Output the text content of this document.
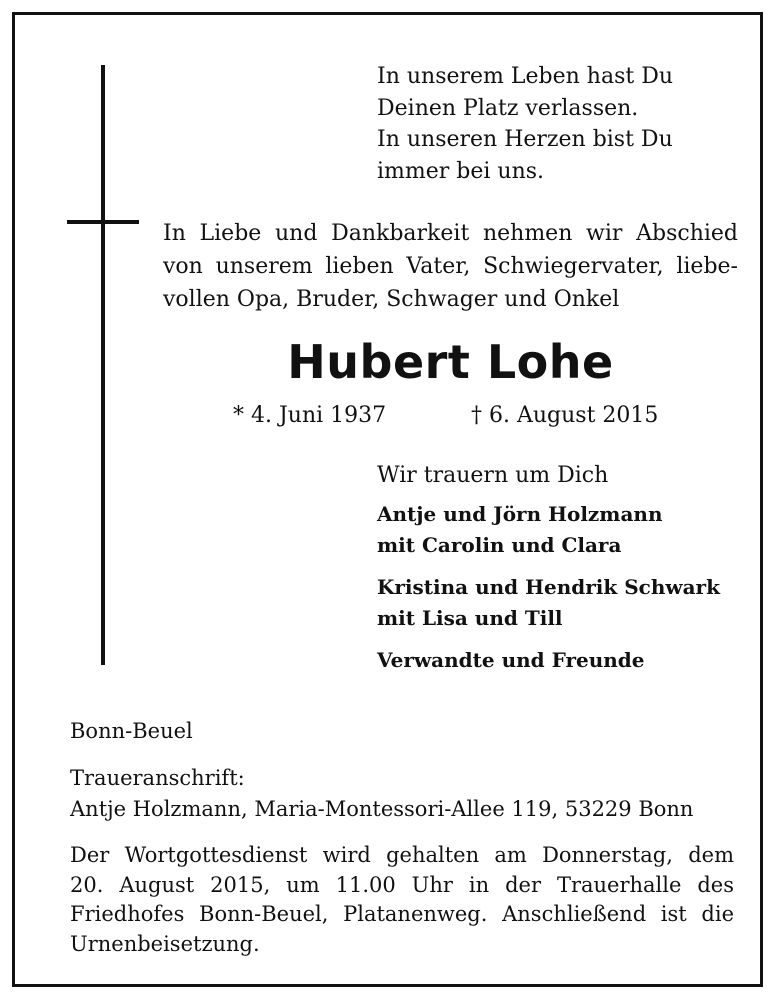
In unserem Leben hast Du
Deinen Platz verlassen.
In unseren Herzen bist Du
immer bei uns.
In Liebe und Dankbarkeit nehmen wir Abschied
von unserem lieben Vater, Schwiegervater, liebe-
vollen Opa, Bruder, Schwager und Onkel
Hubert Lohe
* 4. Juni 1937	† 6. August 2015
Wir trauern um Dich
Antje und Jörn Holzmann
mit Carolin und Clara
Kristina und Hendrik Schwark
mit Lisa und Till
Verwandte und Freunde
Bonn-Beuel
Traueranschrift:
Antje Holzmann, Maria-Montessori-Allee 119, 53229 Bonn
Der Wortgottesdienst wird gehalten am Donnerstag, dem
20. August 2015, um 11.00 Uhr in der Trauerhalle des
Friedhofes Bonn-Beuel, Platanenweg. Anschließend ist die
Urnenbeisetzung.
